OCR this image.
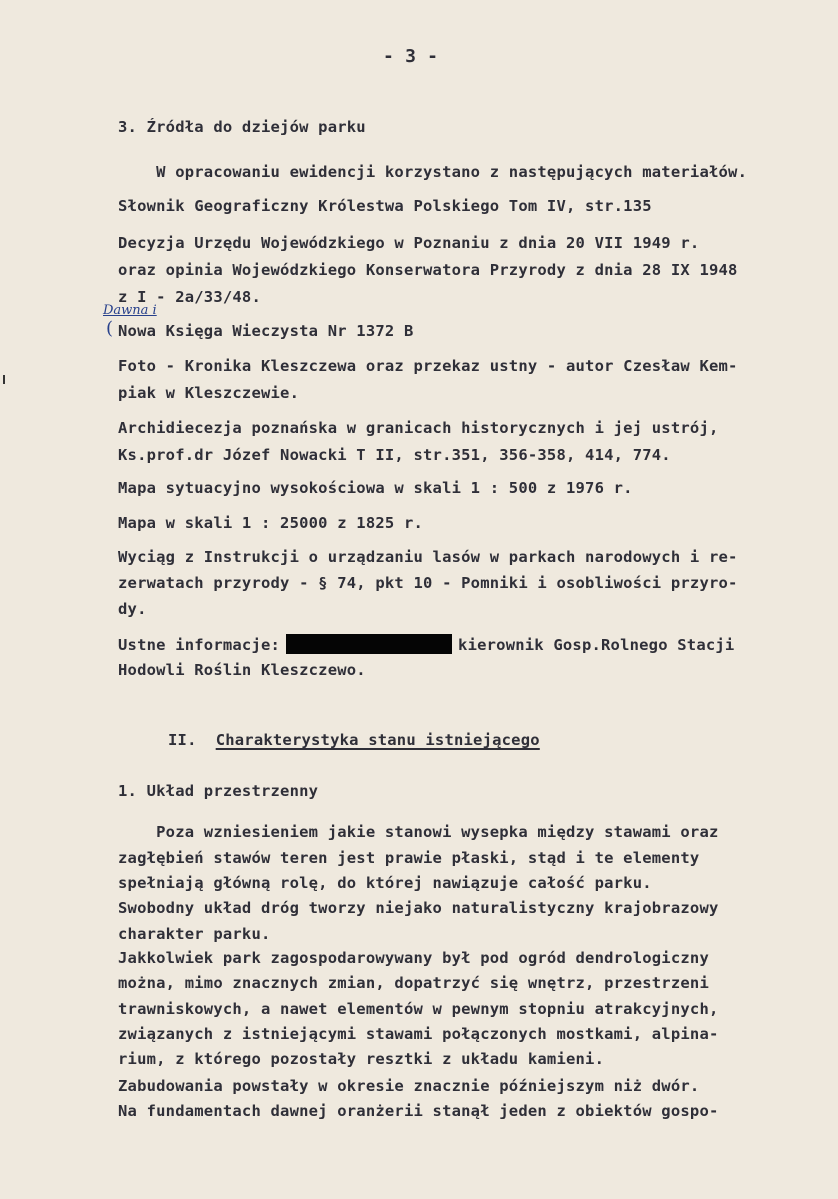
- 3 -
3. Źródła do dziejów parku
W opracowaniu ewidencji korzystano z następujących materiałów.
Słownik Geograficzny Królestwa Polskiego Tom IV, str.135
Decyzja Urzędu Wojewódzkiego w Poznaniu z dnia 20 VII 1949 r.
oraz opinia Wojewódzkiego Konserwatora Przyrody z dnia 28 IX 1948
z I - 2a/33/48.
Dawna i
( Nowa Księga Wieczysta Nr 1372 B
Foto - Kronika Kleszczewa oraz przekaz ustny - autor Czesław Kem-
piak w Kleszczewie.
Archidiecezja poznańska w granicach historycznych i jej ustrój,
Ks.prof.dr Józef Nowacki T II, str.351, 356-358, 414, 774.
Mapa sytuacyjno wysokościowa w skali 1 : 500 z 1976 r.
Mapa w skali 1 : 25000 z 1825 r.
Wyciąg z Instrukcji o urządzaniu lasów w parkach narodowych i re-
zerwatach przyrody - § 74, pkt 10 - Pomniki i osobliwości przyro-
dy.
Ustne informacje:	kierownik Gosp.Rolnego Stacji
Hodowli Roślin Kleszczewo.
II. Charakterystyka stanu istniejącego
1. Układ przestrzenny
Poza wzniesieniem jakie stanowi wysepka między stawami oraz
zagłębień stawów teren jest prawie płaski, stąd i te elementy
spełniają główną rolę, do której nawiązuje całość parku.
Swobodny układ dróg tworzy niejako naturalistyczny krajobrazowy
charakter parku.
Jakkolwiek park zagospodarowywany był pod ogród dendrologiczny
można, mimo znacznych zmian, dopatrzyć się wnętrz, przestrzeni
trawniskowych, a nawet elementów w pewnym stopniu atrakcyjnych,
związanych z istniejącymi stawami połączonych mostkami, alpina-
rium, z którego pozostały resztki z układu kamieni.
Zabudowania powstały w okresie znacznie późniejszym niż dwór.
Na fundamentach dawnej oranżerii stanął jeden z obiektów gospo-
